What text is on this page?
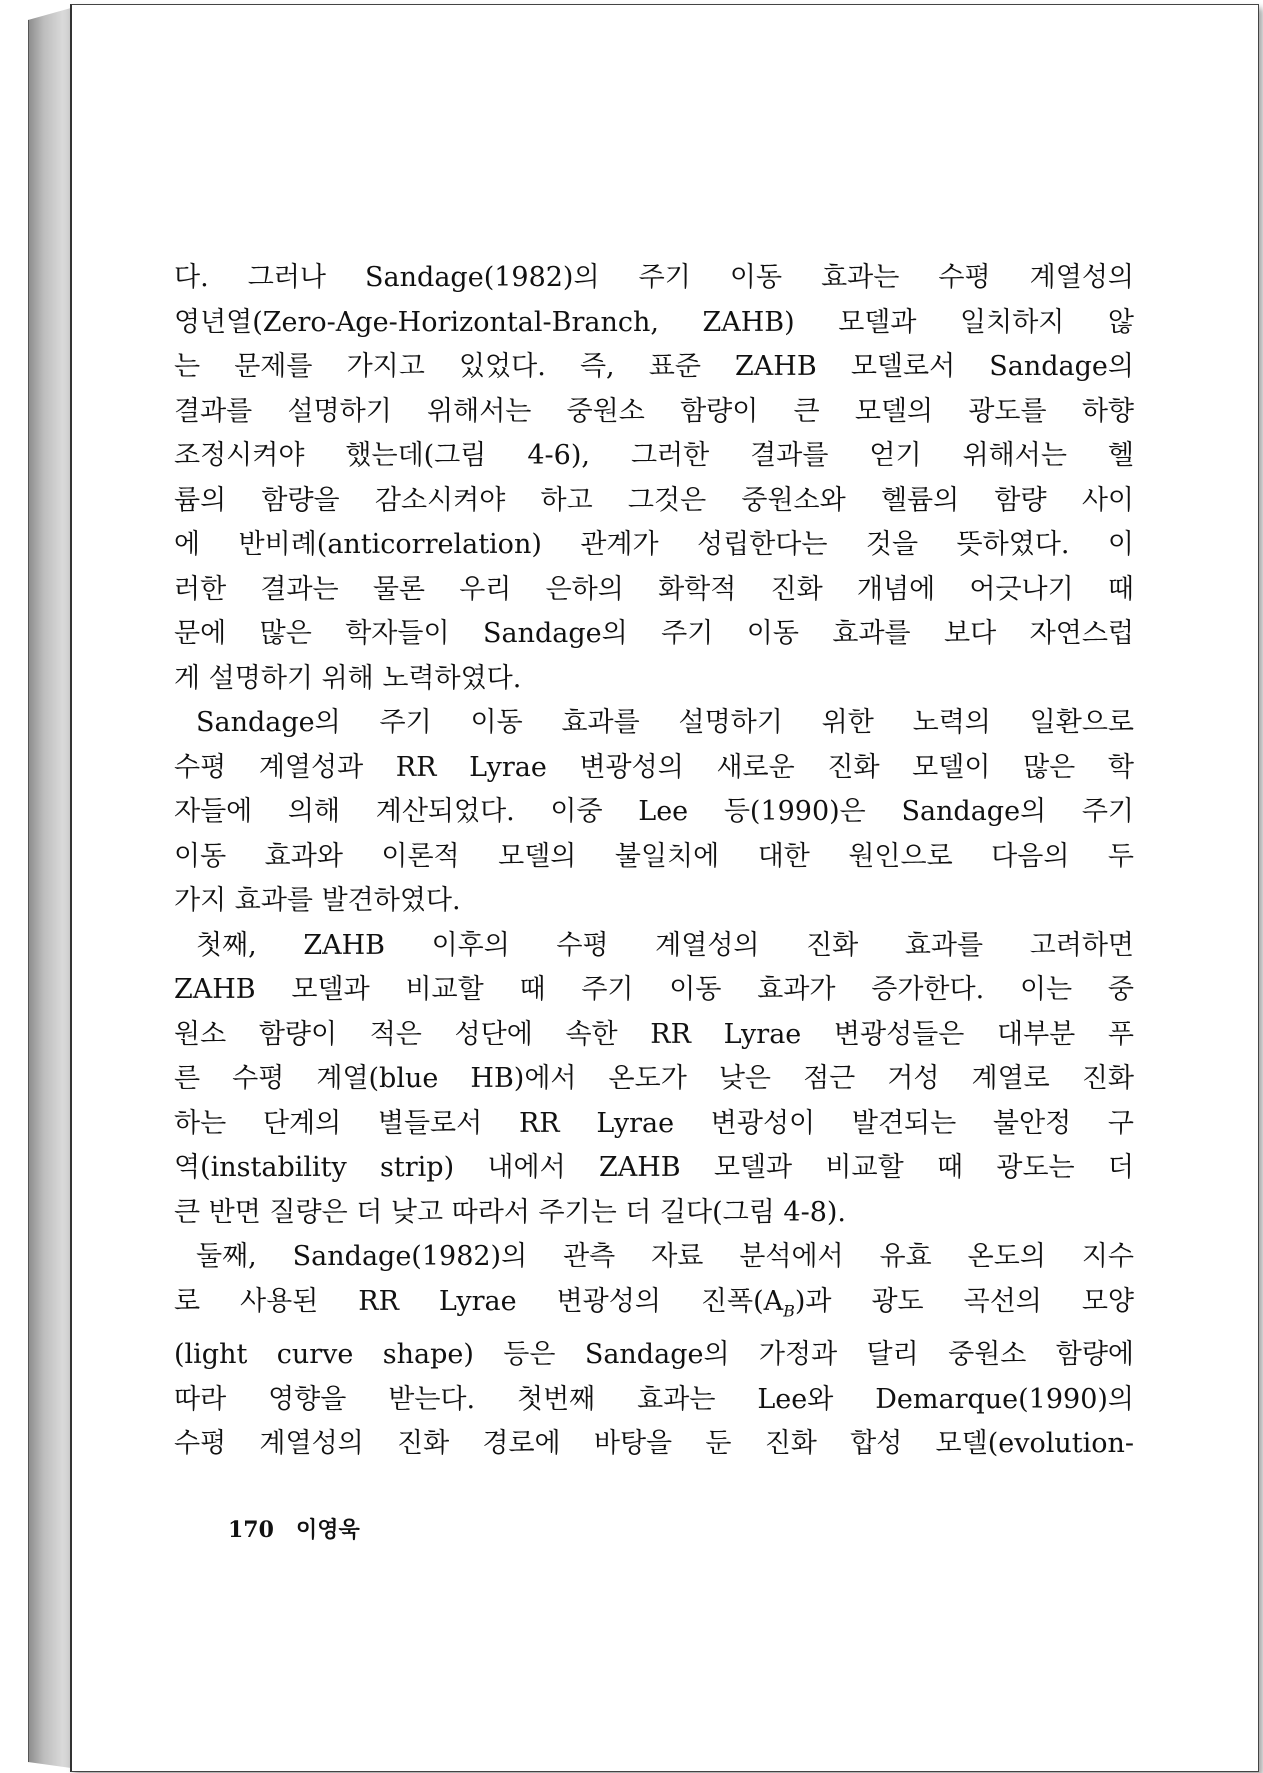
다. 그러나 Sandage(1982)의 주기 이동 효과는 수평 계열성의
영년열(Zero-Age-Horizontal-Branch, ZAHB) 모델과 일치하지 않
는 문제를 가지고 있었다. 즉, 표준 ZAHB 모델로서 Sandage의
결과를 설명하기 위해서는 중원소 함량이 큰 모델의 광도를 하향
조정시켜야 했는데(그림 4-6), 그러한 결과를 얻기 위해서는 헬
륨의 함량을 감소시켜야 하고 그것은 중원소와 헬륨의 함량 사이
에 반비례(anticorrelation) 관계가 성립한다는 것을 뜻하였다. 이
러한 결과는 물론 우리 은하의 화학적 진화 개념에 어긋나기 때
문에 많은 학자들이 Sandage의 주기 이동 효과를 보다 자연스럽
게 설명하기 위해 노력하였다.
Sandage의 주기 이동 효과를 설명하기 위한 노력의 일환으로
수평 계열성과 RR Lyrae 변광성의 새로운 진화 모델이 많은 학
자들에 의해 계산되었다. 이중 Lee 등(1990)은 Sandage의 주기
이동 효과와 이론적 모델의 불일치에 대한 원인으로 다음의 두
가지 효과를 발견하였다.
첫째, ZAHB 이후의 수평 계열성의 진화 효과를 고려하면
ZAHB 모델과 비교할 때 주기 이동 효과가 증가한다. 이는 중
원소 함량이 적은 성단에 속한 RR Lyrae 변광성들은 대부분 푸
른 수평 계열(blue HB)에서 온도가 낮은 점근 거성 계열로 진화
하는 단계의 별들로서 RR Lyrae 변광성이 발견되는 불안정 구
역(instability strip) 내에서 ZAHB 모델과 비교할 때 광도는 더
큰 반면 질량은 더 낮고 따라서 주기는 더 길다(그림 4-8).
둘째, Sandage(1982)의 관측 자료 분석에서 유효 온도의 지수
로 사용된 RR Lyrae 변광성의 진폭$(A_B)$과 광도 곡선의 모양
(light curve shape) 등은 Sandage의 가정과 달리 중원소 함량에
따라 영향을 받는다. 첫번째 효과는 Lee와 Demarque(1990)의
수평 계열성의 진화 경로에 바탕을 둔 진화 합성 모델(evolution-
170 이영욱
